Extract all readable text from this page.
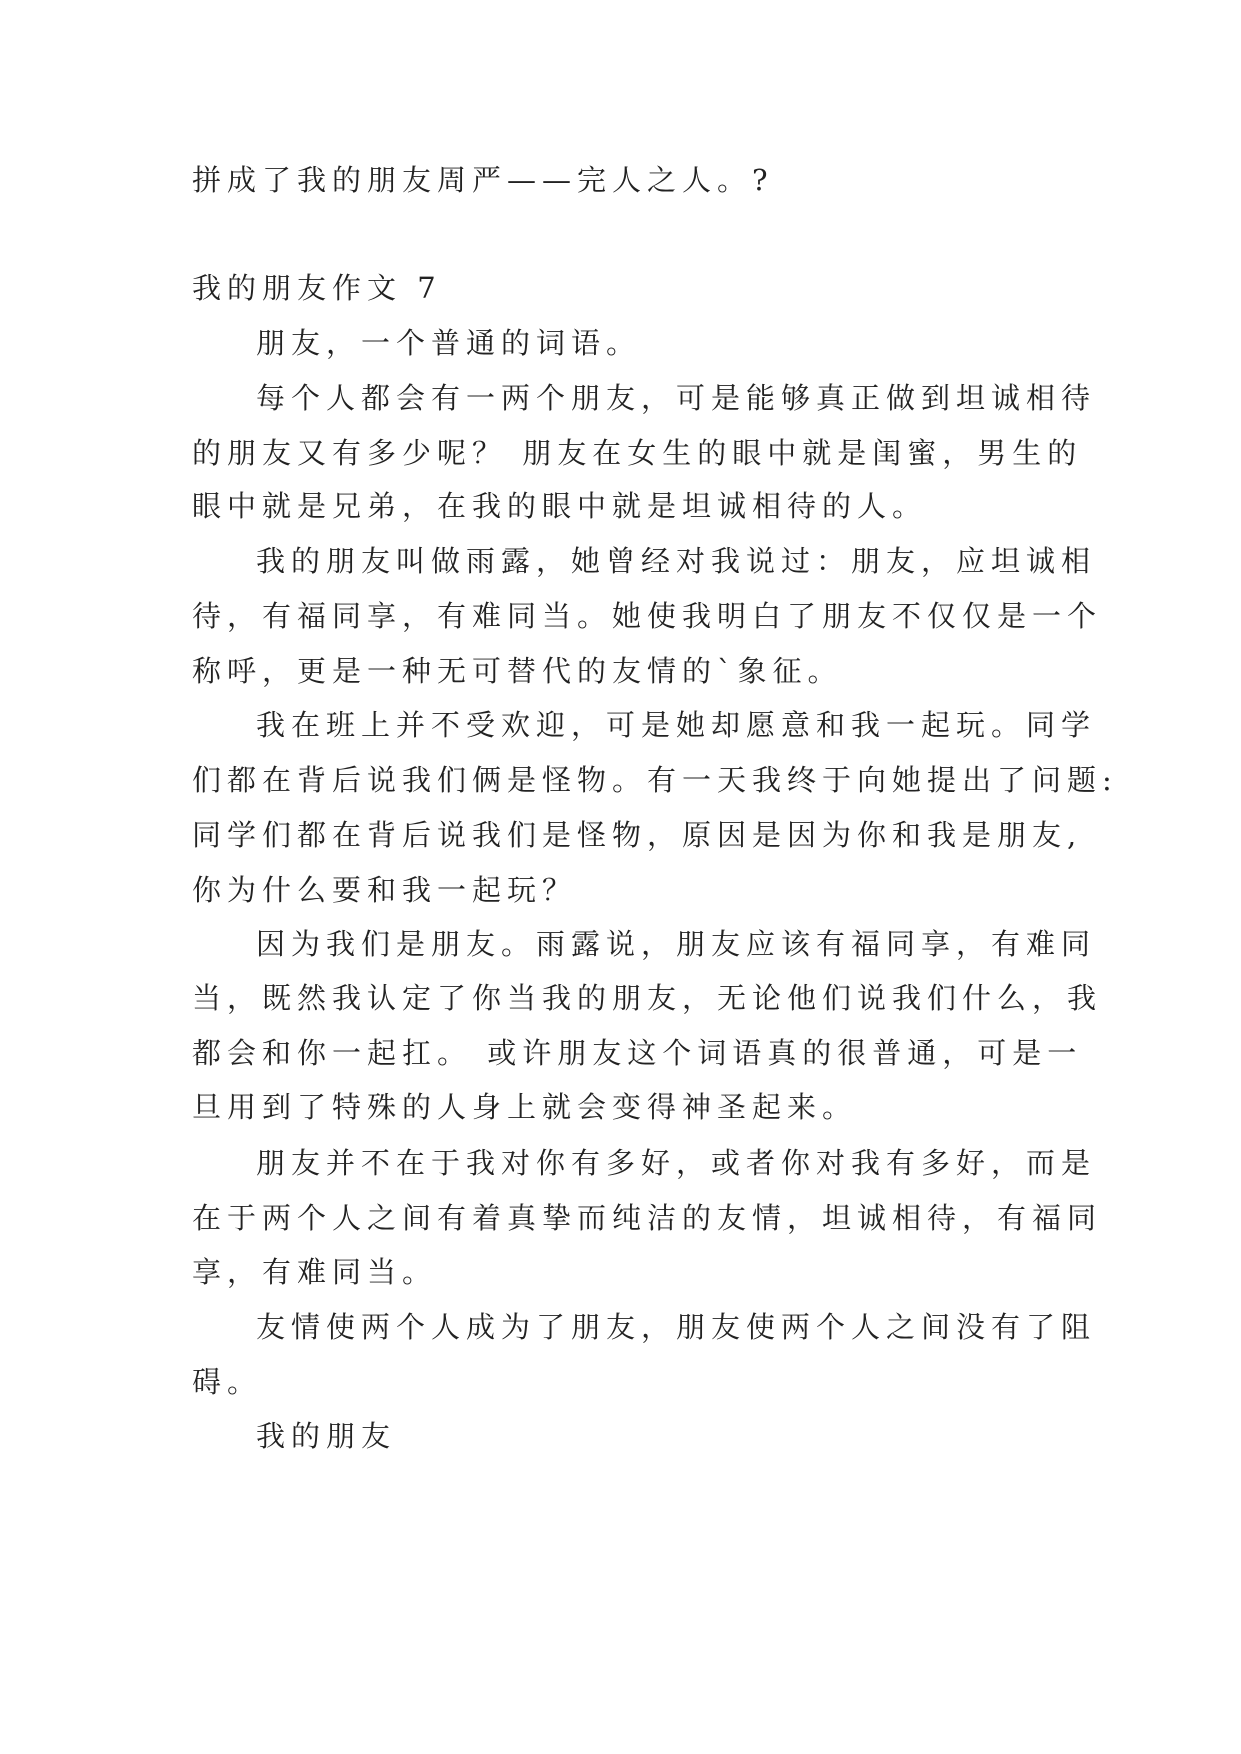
拼成了我的朋友周严——完人之人。?
我的朋友作文 7
朋友，一个普通的词语。
每个人都会有一两个朋友，可是能够真正做到坦诚相待
的朋友又有多少呢？ 朋友在女生的眼中就是闺蜜，男生的
眼中就是兄弟，在我的眼中就是坦诚相待的人。
我的朋友叫做雨露，她曾经对我说过：朋友，应坦诚相
待，有福同享，有难同当。她使我明白了朋友不仅仅是一个
称呼，更是一种无可替代的友情的`象征。
我在班上并不受欢迎，可是她却愿意和我一起玩。同学
们都在背后说我们俩是怪物。有一天我终于向她提出了问题:
同学们都在背后说我们是怪物，原因是因为你和我是朋友,
你为什么要和我一起玩？
因为我们是朋友。雨露说，朋友应该有福同享，有难同
当，既然我认定了你当我的朋友，无论他们说我们什么，我
都会和你一起扛。 或许朋友这个词语真的很普通，可是一
旦用到了特殊的人身上就会变得神圣起来。
朋友并不在于我对你有多好，或者你对我有多好，而是
在于两个人之间有着真挚而纯洁的友情，坦诚相待，有福同
享，有难同当。
友情使两个人成为了朋友，朋友使两个人之间没有了阻
碍。
我的朋友
